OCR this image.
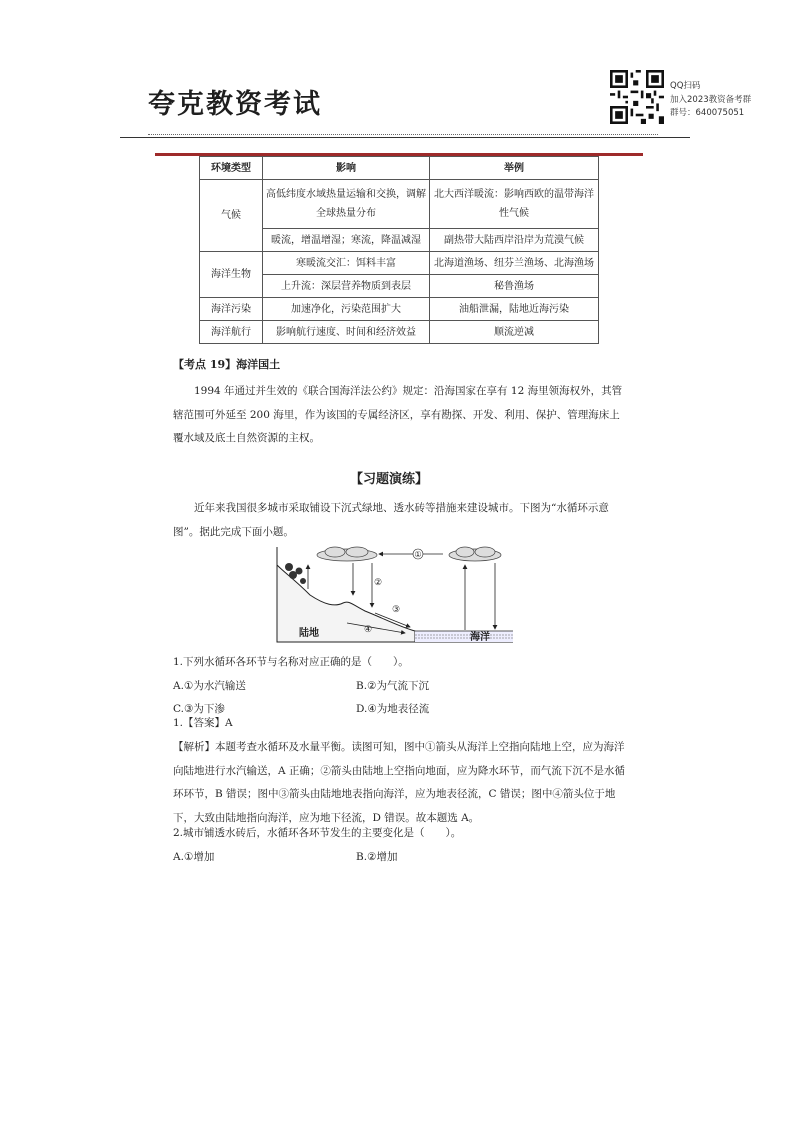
夸克教资考试
QQ扫码
加入2023教资备考群
群号：640075051
环境类型	影响	举例
气候	高低纬度水域热量运输和交换，调解全球热量分布	北大西洋暖流：影响西欧的温带海洋性气候
	暖流，增温增湿；寒流，降温减湿	副热带大陆西岸沿岸为荒漠气候
海洋生物	寒暖流交汇：饵料丰富	北海道渔场、纽芬兰渔场、北海渔场
	上升流：深层营养物质到表层	秘鲁渔场
海洋污染	加速净化，污染范围扩大	油船泄漏，陆地近海污染
海洋航行	影响航行速度、时间和经济效益	顺流逆减
【考点 19】海洋国土
1994 年通过并生效的《联合国海洋法公约》规定：沿海国家在享有 12 海里领海权外，其管辖范围可外延至 200 海里，作为该国的专属经济区，享有勘探、开发、利用、保护、管理海床上覆水域及底土自然资源的主权。
【习题演练】
近年来我国很多城市采取铺设下沉式绿地、透水砖等措施来建设城市。下图为“水循环示意图”。据此完成下面小题。
①
②
③
④
陆地	海洋
1.下列水循环各环节与名称对应正确的是（　　）。
A.①为水汽输送	B.②为气流下沉
C.③为下渗	D.④为地表径流
1.【答案】A
【解析】本题考查水循环及水量平衡。读图可知，图中①箭头从海洋上空指向陆地上空，应为海洋向陆地进行水汽输送，A 正确；②箭头由陆地上空指向地面，应为降水环节，而气流下沉不是水循环环节，B 错误；图中③箭头由陆地地表指向海洋，应为地表径流，C 错误；图中④箭头位于地下，大致由陆地指向海洋，应为地下径流，D 错误。故本题选 A。
2.城市铺透水砖后，水循环各环节发生的主要变化是（　　）。
A.①增加	B.②增加
